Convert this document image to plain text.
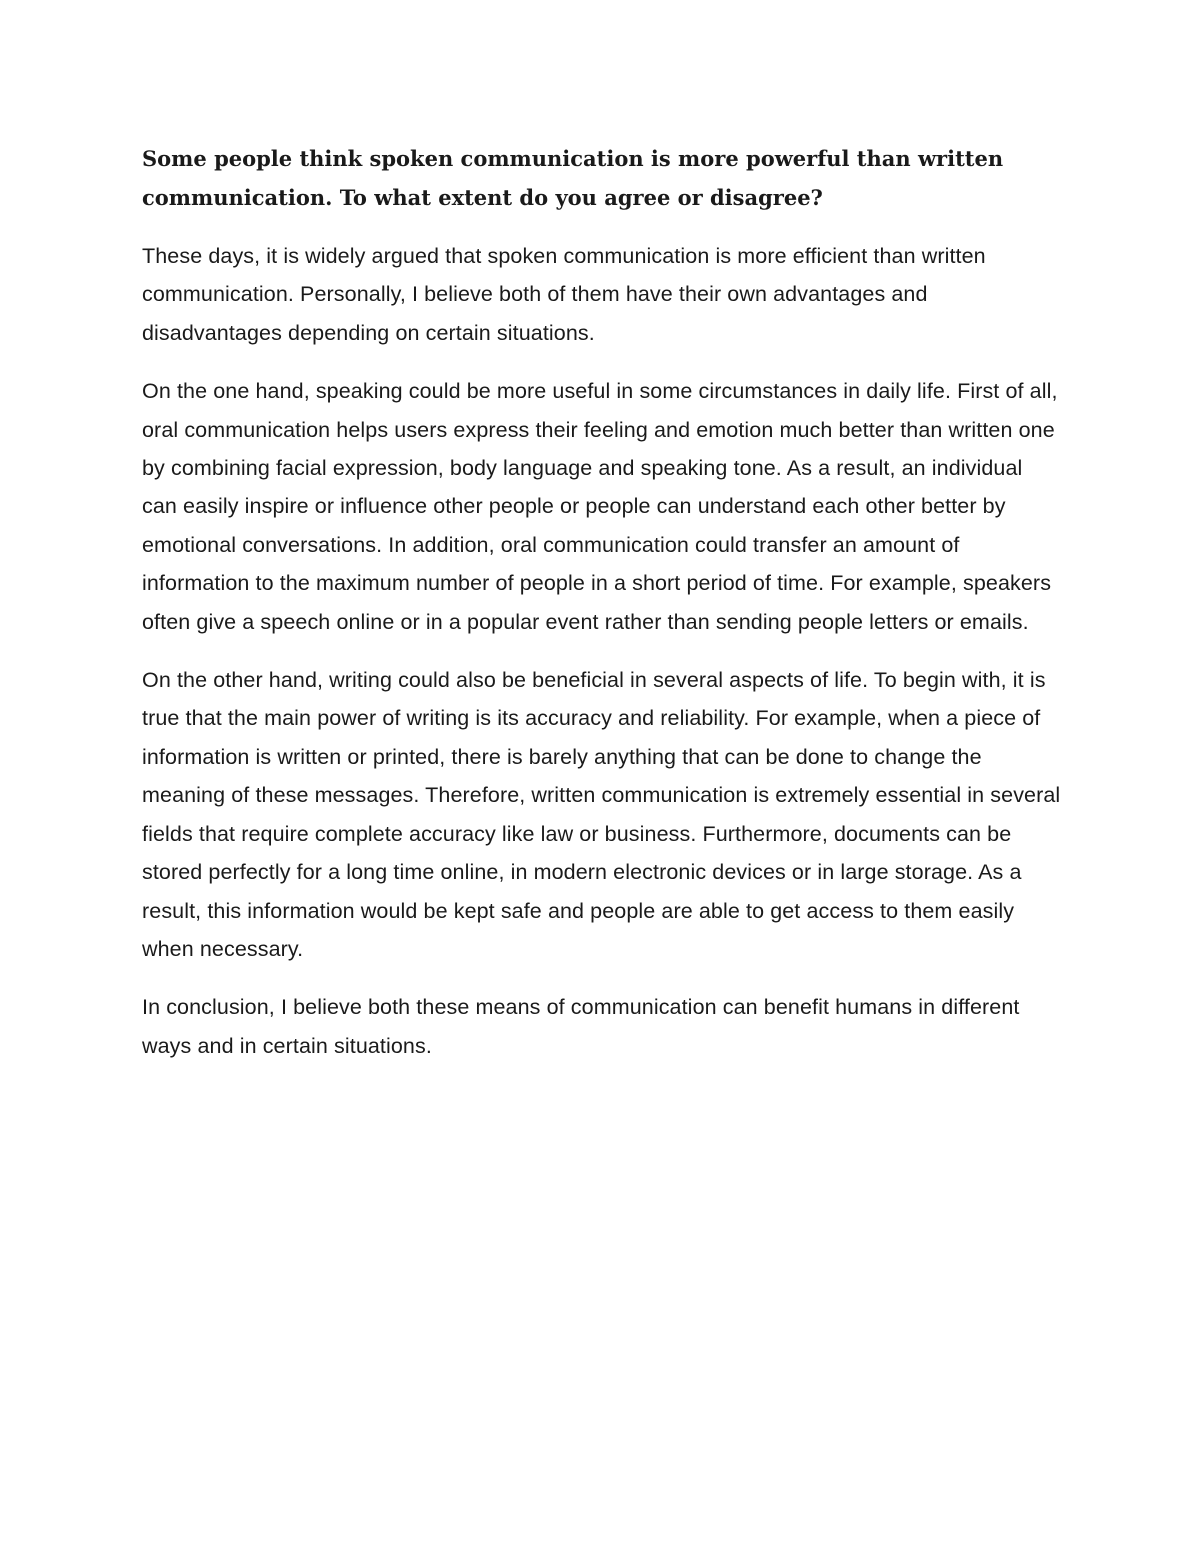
Some people think spoken communication is more powerful than written communication. To what extent do you agree or disagree?

These days, it is widely argued that spoken communication is more efficient than written communication. Personally, I believe both of them have their own advantages and disadvantages depending on certain situations.

On the one hand, speaking could be more useful in some circumstances in daily life. First of all, oral communication helps users express their feeling and emotion much better than written one by combining facial expression, body language and speaking tone. As a result, an individual can easily inspire or influence other people or people can understand each other better by emotional conversations. In addition, oral communication could transfer an amount of information to the maximum number of people in a short period of time. For example, speakers often give a speech online or in a popular event rather than sending people letters or emails.

On the other hand, writing could also be beneficial in several aspects of life. To begin with, it is true that the main power of writing is its accuracy and reliability. For example, when a piece of information is written or printed, there is barely anything that can be done to change the meaning of these messages. Therefore, written communication is extremely essential in several fields that require complete accuracy like law or business. Furthermore, documents can be stored perfectly for a long time online, in modern electronic devices or in large storage. As a result, this information would be kept safe and people are able to get access to them easily when necessary.

In conclusion, I believe both these means of communication can benefit humans in different ways and in certain situations.
